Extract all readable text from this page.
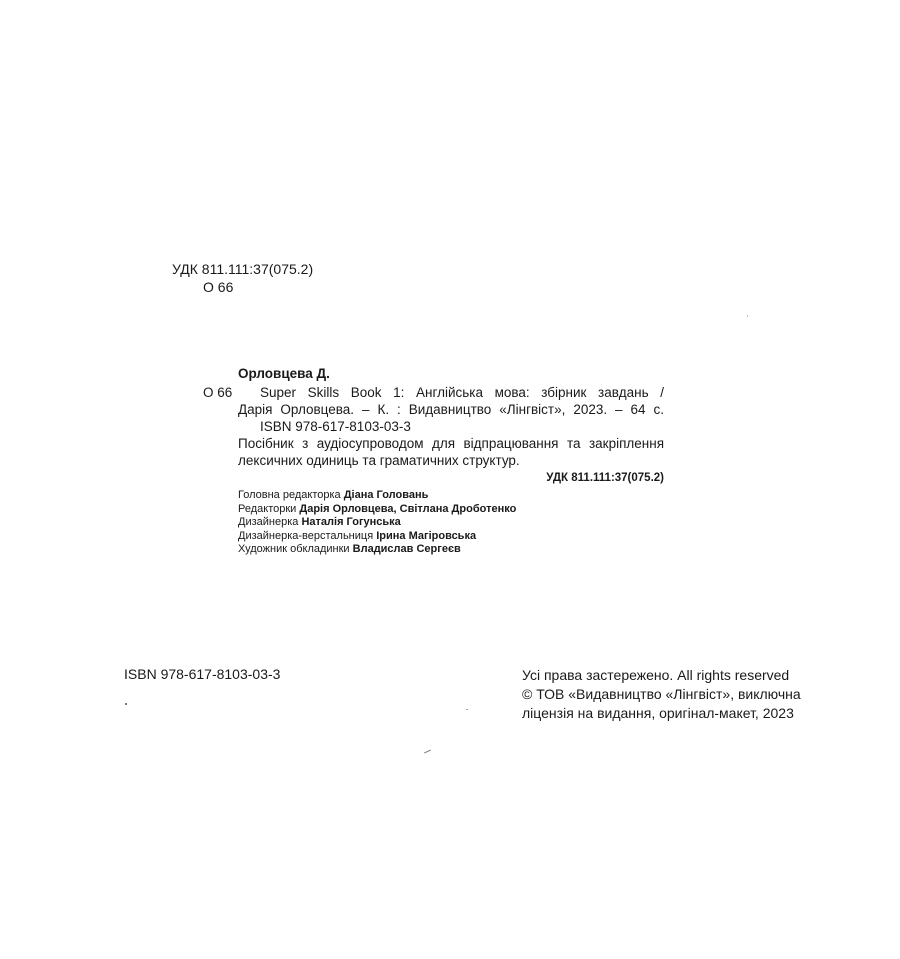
УДК 811.111:37(075.2)
О 66
Орловцева Д.
О 66	Super Skills Book 1: Англійська мова: збірник завдань /
Дарія Орловцева. – К. : Видавництво «Лінгвіст», 2023. – 64 с.
ISBN 978-617-8103-03-3
Посібник з аудіосупроводом для відпрацювання та закріплення
лексичних одиниць та граматичних структур.
УДК 811.111:37(075.2)
Головна редакторка Діана Головань
Редакторки Дарія Орловцева, Світлана Дроботенко
Дизайнерка Наталія Гогунська
Дизайнерка-верстальниця Ірина Магіровська
Художник обкладинки Владислав Сергеєв
ISBN 978-617-8103-03-3	Усі права застережено. All rights reserved
© ТОВ «Видавництво «Лінгвіст», виключна
ліцензія на видання, оригінал-макет, 2023
